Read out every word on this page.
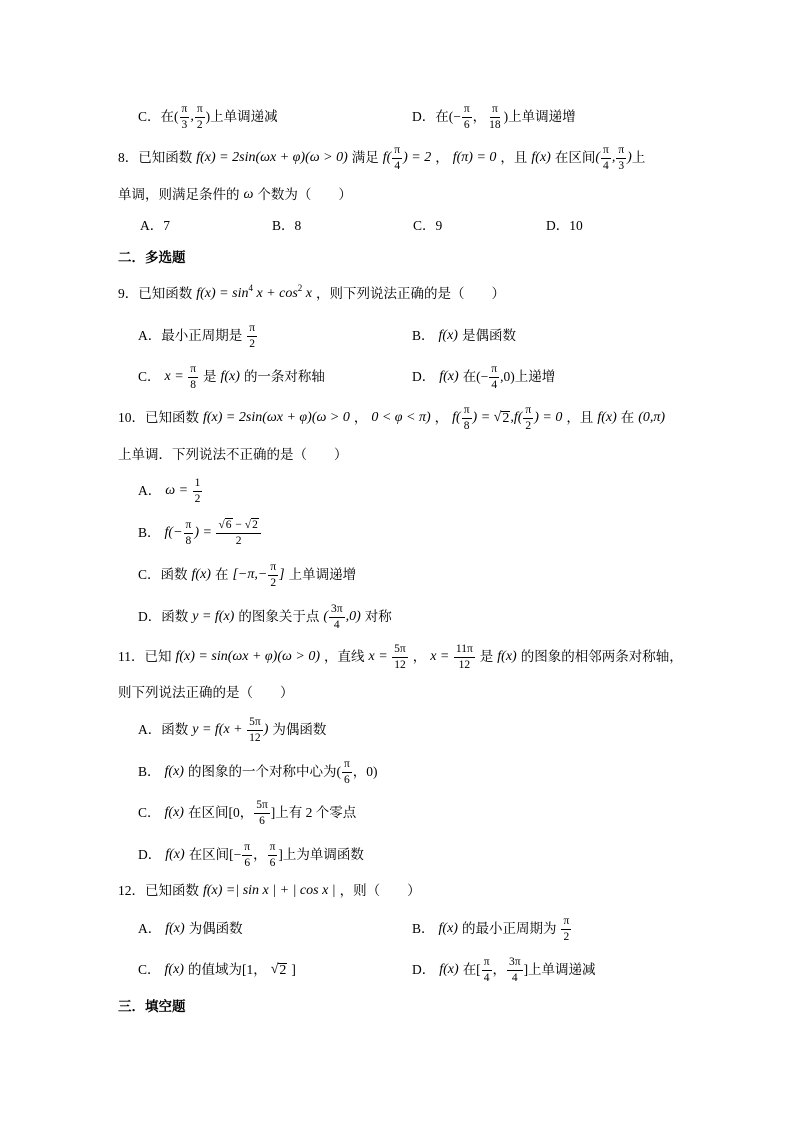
C．在( $\frac{\pi}{3}$ , $\frac{\pi}{2}$ )上单调递减	D．在(− $\frac{\pi}{6}$ ， $\frac{\pi}{18}$ )上单调递增
8．已知函数 f(x) = 2sin(ωx + φ)(ω > 0) 满足 $f( \frac{\pi}{4}$ ) = 2 ， f(π) = 0 ，且 f(x) 在区间 ( $\frac{\pi}{4}$ , $\frac{\pi}{3}$ ) 上
单调，则满足条件的 ω 个数为（　　）
A．7	B．8	C．9	D．10
二．多选题
9．已知函数 f(x) = sin 4 x + cos 2 x ，则下列说法正确的是（　　）
A．最小正周期是 $\frac{\pi}{2}$	B． f(x) 是偶函数
C． $x = \frac{\pi}{8}$ 是 f(x) 的一条对称轴	D． f(x) 在(− $\frac{\pi}{4} ,0$)上递增
10．已知函数 f(x) = 2sin(ωx + φ)(ω > 0 ， 0 < φ < π) ， $f( \frac{\pi}{8}$ ) = √ 2 $,f( \frac{\pi}{2}$ ) = 0 ，且 f(x) 在 (0,π)
上单调．下列说法不正确的是（　　）
A． $\omega = \frac{1}{2}$
B． $f(- \frac{\pi}{8}$ ) = $\frac{√ 6 - √ 2}{2}$
C．函数 f(x) 在 [$-\pi,- \frac{\pi}{2}$ ] 上单调递增
D．函数 y = f(x) 的图象关于点 ( $\frac{3\pi}{4} ,0$) 对称
11．已知 f(x) = sin(ωx + φ)(ω > 0) ，直线 $x = \frac{5\pi}{12}$ ， $x = \frac{11\pi}{12}$ 是 f(x) 的图象的相邻两条对称轴，
则下列说法正确的是（　　）
A．函数 $y = f(x + \frac{5\pi}{12}$ ) 为偶函数
B． f(x) 的图象的一个对称中心为( $\frac{\pi}{6}$ ，0)
C． f(x) 在区间[0， $\frac{5\pi}{6}$ ]上有 2 个零点
D． f(x) 在区间[− $\frac{\pi}{6}$ ， $\frac{\pi}{6}$ ]上为单调函数
12．已知函数 f(x) =| sin x | + | cos x | ，则（　　）
A． f(x) 为偶函数	B． f(x) 的最小正周期为 $\frac{\pi}{2}$
C． f(x) 的值域为[1， √ 2 ]	D． f(x) 在[ $\frac{\pi}{4}$ ， $\frac{3\pi}{4}$ ]上单调递减
三．填空题
